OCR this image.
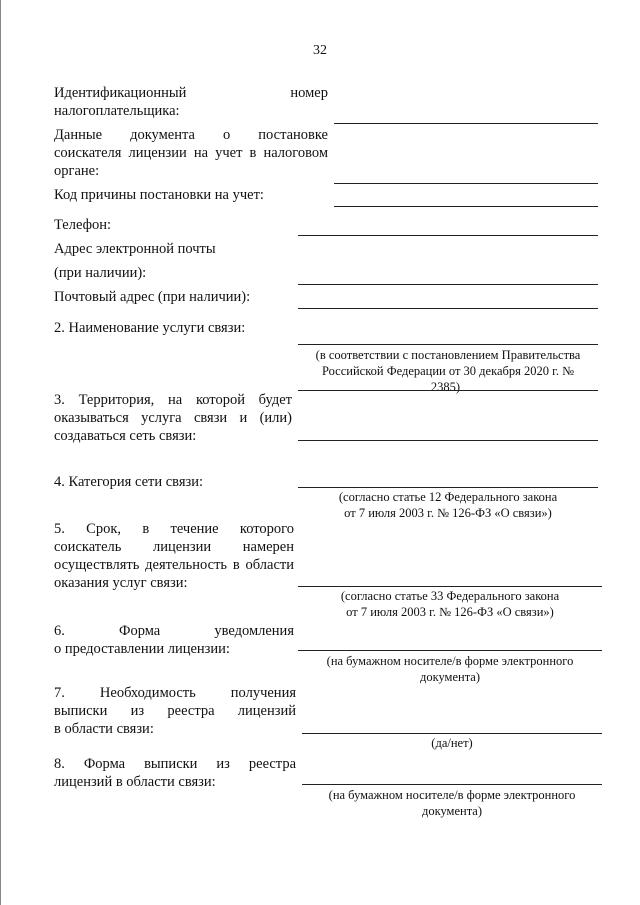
32

Идентификационный	номер

налогоплательщика:

Данные документа о постановке

соискателя лицензии на учет в налоговом

органе:

Код причины постановки на учет:
Телефон:
Адрес электронной почты
(при наличии):
Почтовый адрес (при наличии):
2. Наименование услуги связи:
(в соответствии с постановлением Правительства
Российской Федерации от 30 декабря 2020 г. №
2385)

3. Территория, на которой будет

оказываться услуга связи и (или)

создаваться сеть связи:

4. Категория сети связи:
(согласно статье 12 Федерального закона
от 7 июля 2003 г. № 126-ФЗ «О связи»)

5. Срок, в течение которого

соискатель лицензии намерен

осуществлять деятельность в области

оказания услуг связи:

(согласно статье 33 Федерального закона
от 7 июля 2003 г. № 126-ФЗ «О связи»)

6. Форма уведомления

о предоставлении лицензии:

(на бумажном носителе/в форме электронного
документа)

7. Необходимость получения

выписки из реестра лицензий

в области связи:

(да/нет)

8. Форма выписки из реестра

лицензий в области связи:

(на бумажном носителе/в форме электронного
документа)
